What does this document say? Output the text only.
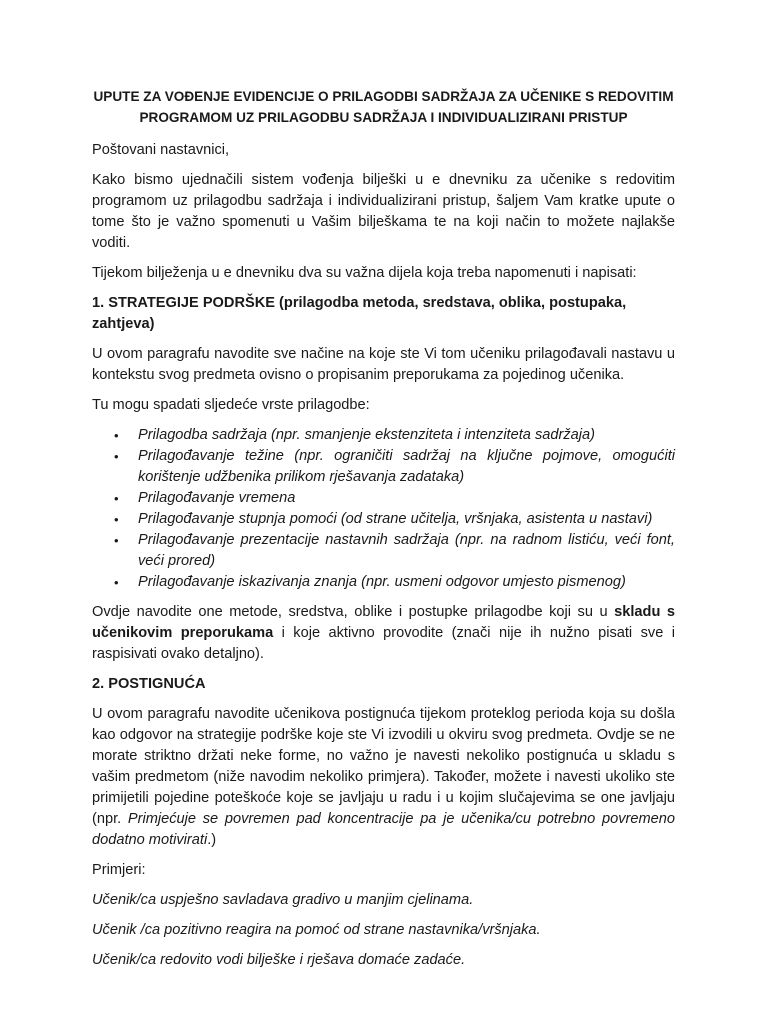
UPUTE ZA VOĐENJE EVIDENCIJE O PRILAGODBI SADRŽAJA ZA UČENIKE S REDOVITIM
PROGRAMOM UZ PRILAGODBU SADRŽAJA I INDIVIDUALIZIRANI PRISTUP

Poštovani nastavnici,

Kako bismo ujednačili sistem vođenja bilješki u e dnevniku za učenike s redovitim programom uz prilagodbu sadržaja i individualizirani pristup, šaljem Vam kratke upute o tome što je važno spomenuti u Vašim bilješkama te na koji način to možete najlakše voditi.

Tijekom bilježenja u e dnevniku dva su važna dijela koja treba napomenuti i napisati:

1. STRATEGIJE PODRŠKE (prilagodba metoda, sredstava, oblika, postupaka, zahtjeva)

U ovom paragrafu navodite sve načine na koje ste Vi tom učeniku prilagođavali nastavu u kontekstu svog predmeta ovisno o propisanim preporukama za pojedinog učenika.

Tu mogu spadati sljedeće vrste prilagodbe:

• Prilagodba sadržaja (npr. smanjenje ekstenziteta i intenziteta sadržaja)
• Prilagođavanje težine (npr. ograničiti sadržaj na ključne pojmove, omogućiti korištenje udžbenika prilikom rješavanja zadataka)
• Prilagođavanje vremena
• Prilagođavanje stupnja pomoći (od strane učitelja, vršnjaka, asistenta u nastavi)
• Prilagođavanje prezentacije nastavnih sadržaja (npr. na radnom listiću, veći font, veći prored)
• Prilagođavanje iskazivanja znanja (npr. usmeni odgovor umjesto pismenog)

Ovdje navodite one metode, sredstva, oblike i postupke prilagodbe koji su u skladu s učenikovim preporukama i koje aktivno provodite (znači nije ih nužno pisati sve i raspisivati ovako detaljno).

2. POSTIGNUĆA

U ovom paragrafu navodite učenikova postignuća tijekom proteklog perioda koja su došla kao odgovor na strategije podrške koje ste Vi izvodili u okviru svog predmeta. Ovdje se ne morate striktno držati neke forme, no važno je navesti nekoliko postignuća u skladu s vašim predmetom (niže navodim nekoliko primjera). Također, možete i navesti ukoliko ste primijetili pojedine poteškoće koje se javljaju u radu i u kojim slučajevima se one javljaju (npr. Primjećuje se povremen pad koncentracije pa je učenika/cu potrebno povremeno dodatno motivirati.)

Primjeri:

Učenik/ca uspješno savladava gradivo u manjim cjelinama.

Učenik /ca pozitivno reagira na pomoć od strane nastavnika/vršnjaka.

Učenik/ca redovito vodi bilješke i rješava domaće zadaće.
